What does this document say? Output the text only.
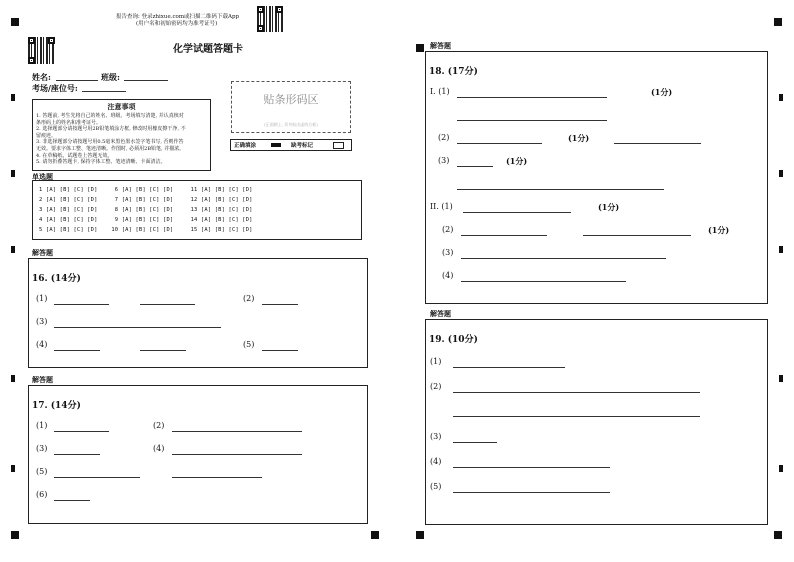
报告查询: 登录zhixue.com或扫描二维码下载App
(用户名和初始密码均为准考证号)
化学试题答题卡
姓名:	班级:
考场/座位号:
注意事项
1. 答题前, 考生先将自己的姓名、班级、考场填写清楚, 并认真核对
条形码上的姓名和准考证号。
2. 选择题部分请按题号用2B铅笔填涂方框, 修改时用橡皮擦干净, 不
留痕迹。
3. 非选择题部分请按题号用0.5毫米黑色墨水签字笔书写, 否则作答
无效。要求字体工整、笔迹清晰。作图时, 必须用2B铅笔, 并描浓。
4. 在草稿纸、试题卷上答题无效。
5. 请勿折叠答题卡, 保持字体工整、笔迹清晰、卡面清洁。
贴条形码区
(正面朝上, 切勿贴出虚线方框)
正确填涂	缺考标记
单选题
1 [A] [B] [C] [D]     6 [A] [B] [C] [D]     11 [A] [B] [C] [D]
2 [A] [B] [C] [D]     7 [A] [B] [C] [D]     12 [A] [B] [C] [D]
3 [A] [B] [C] [D]     8 [A] [B] [C] [D]     13 [A] [B] [C] [D]
4 [A] [B] [C] [D]     9 [A] [B] [C] [D]     14 [A] [B] [C] [D]
5 [A] [B] [C] [D]    10 [A] [B] [C] [D]     15 [A] [B] [C] [D]
解答题
16. (14分)
(1)	(2)
(3)
(4)	(5)
解答题
17. (14分)
(1)	(2)
(3)	(4)
(5)
(6)
解答题
18. (17分)
I. (1)	(1分)
(2)	(1分)
(3)	(1分)
II. (1)	(1分)
(2)	(1分)
(3)
(4)
解答题
19. (10分)
(1)
(2)
(3)
(4)
(5)
